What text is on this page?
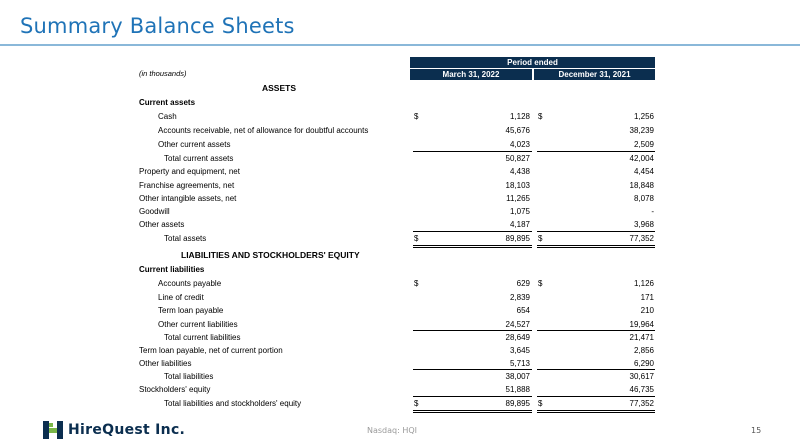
Summary Balance Sheets
Period ended
(in thousands)	March 31, 2022	December 31, 2021
ASSETS
Current assets
Cash	$	1,128 $	1,256
Accounts receivable, net of allowance for doubtful accounts	45,676	38,239
Other current assets	4,023	2,509
Total current assets	50,827	42,004
Property and equipment, net	4,438	4,454
Franchise agreements, net	18,103	18,848
Other intangible assets, net	11,265	8,078
Goodwill	1,075	-
Other assets	4,187	3,968
Total assets	$	89,895 $	77,352
LIABILITIES AND STOCKHOLDERS' EQUITY
Current liabilities
Accounts payable	$	629 $	1,126
Line of credit	2,839	171
Term loan payable	654	210
Other current liabilities	24,527	19,964
Total current liabilities	28,649	21,471
Term loan payable, net of current portion	3,645	2,856
Other liabilities	5,713	6,290
Total liabilities	38,007	30,617
Stockholders' equity	51,888	46,735
Total liabilities and stockholders' equity	$	89,895 $	77,352
HireQuest Inc.	Nasdaq: HQI	15
